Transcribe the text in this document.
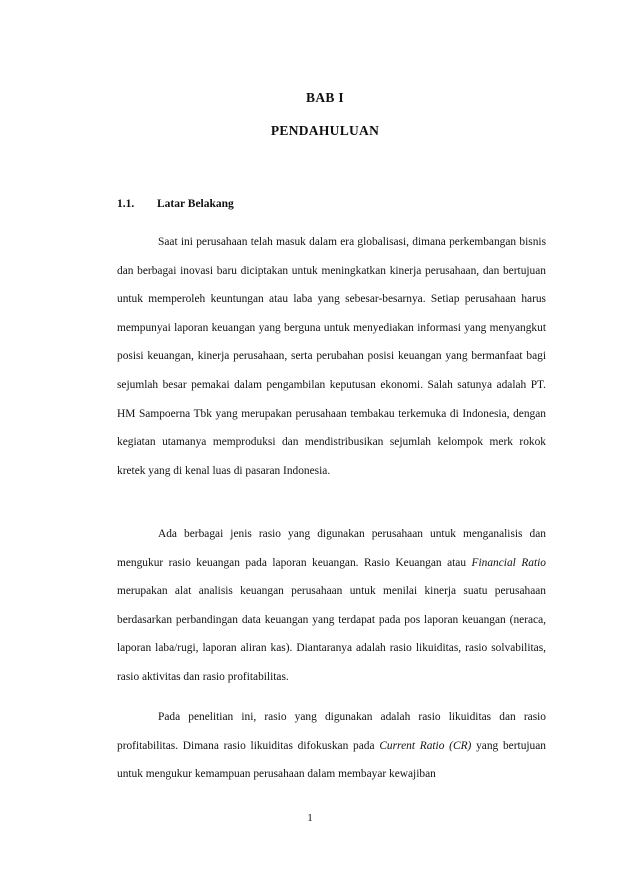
BAB I
PENDAHULUAN
1.1. Latar Belakang

Saat ini perusahaan telah masuk dalam era globalisasi, dimana perkembangan bisnis dan berbagai inovasi baru diciptakan untuk meningkatkan kinerja perusahaan, dan bertujuan untuk memperoleh keuntungan atau laba yang sebesar-besarnya. Setiap perusahaan harus mempunyai laporan keuangan yang berguna untuk menyediakan informasi yang menyangkut posisi keuangan, kinerja perusahaan, serta perubahan posisi keuangan yang bermanfaat bagi sejumlah besar pemakai dalam pengambilan keputusan ekonomi. Salah satunya adalah PT. HM Sampoerna Tbk yang merupakan perusahaan tembakau terkemuka di Indonesia, dengan kegiatan utamanya memproduksi dan mendistribusikan sejumlah kelompok merk rokok kretek yang di kenal luas di pasaran Indonesia.

Ada berbagai jenis rasio yang digunakan perusahaan untuk menganalisis dan mengukur rasio keuangan pada laporan keuangan. Rasio Keuangan atau Financial Ratio merupakan alat analisis keuangan perusahaan untuk menilai kinerja suatu perusahaan berdasarkan perbandingan data keuangan yang terdapat pada pos laporan keuangan (neraca, laporan laba/rugi, laporan aliran kas). Diantaranya adalah rasio likuiditas, rasio solvabilitas, rasio aktivitas dan rasio profitabilitas.

Pada penelitian ini, rasio yang digunakan adalah rasio likuiditas dan rasio profitabilitas. Dimana rasio likuiditas difokuskan pada Current Ratio (CR) yang bertujuan untuk mengukur kemampuan perusahaan dalam membayar kewajiban

1
